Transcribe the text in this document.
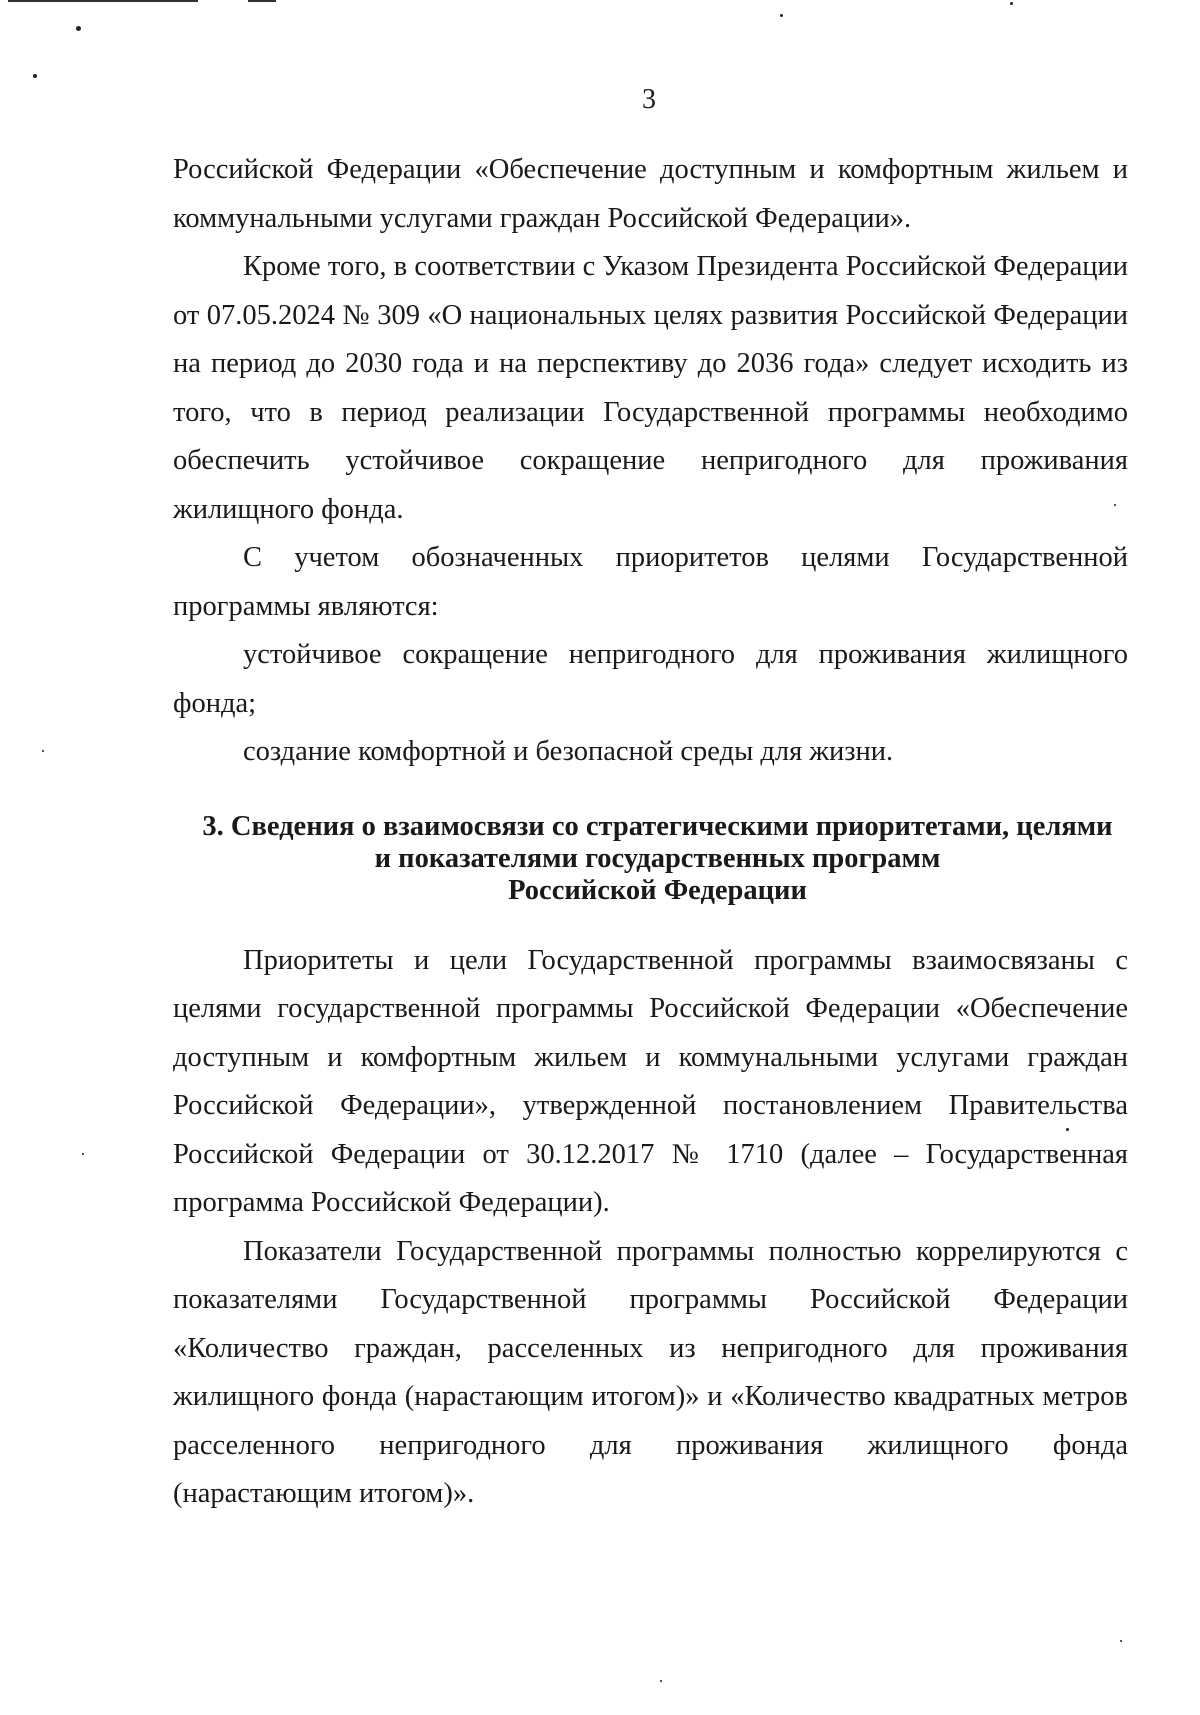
3

Российской Федерации «Обеспечение доступным и комфортным жильем и коммунальными услугами граждан Российской Федерации».

Кроме того, в соответствии с Указом Президента Российской Федерации от 07.05.2024 № 309 «О национальных целях развития Российской Федерации на период до 2030 года и на перспективу до 2036 года» следует исходить из того, что в период реализации Государственной программы необходимо обеспечить устойчивое сокращение непригодного для проживания жилищного фонда.

С учетом обозначенных приоритетов целями Государственной программы являются:

устойчивое сокращение непригодного для проживания жилищного фонда;

создание комфортной и безопасной среды для жизни.

3. Сведения о взаимосвязи со стратегическими приоритетами, целями
и показателями государственных программ
Российской Федерации

Приоритеты и цели Государственной программы взаимосвязаны с целями государственной программы Российской Федерации «Обеспечение доступным и комфортным жильем и коммунальными услугами граждан Российской Федерации», утвержденной постановлением Правительства Российской Федерации от 30.12.2017 № 1710 (далее – Государственная программа Российской Федерации).

Показатели Государственной программы полностью коррелируются с показателями Государственной программы Российской Федерации «Количество граждан, расселенных из непригодного для проживания жилищного фонда (нарастающим итогом)» и «Количество квадратных метров расселенного непригодного для проживания жилищного фонда (нарастающим итогом)».
